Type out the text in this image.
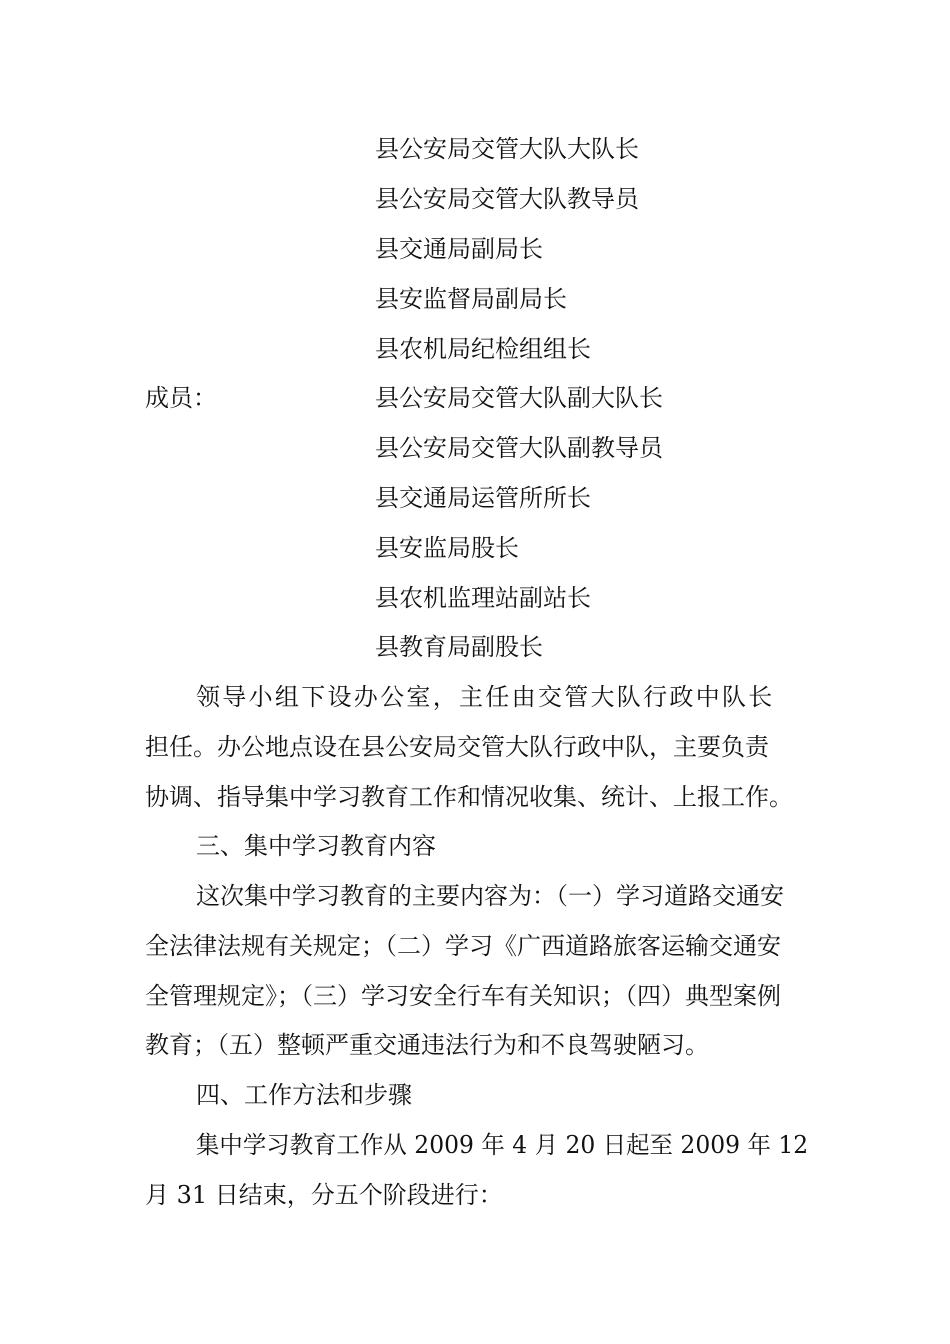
县公安局交管大队大队长
县公安局交管大队教导员
县交通局副局长
县安监督局副局长
县农机局纪检组组长
成员：	县公安局交管大队副大队长
县公安局交管大队副教导员
县交通局运管所所长
县安监局股长
县农机监理站副站长
县教育局副股长
领导小组下设办公室，主任由交管大队行政中队长
担任。办公地点设在县公安局交管大队行政中队，主要负责
协调、指导集中学习教育工作和情况收集、统计、上报工作。
三、集中学习教育内容
这次集中学习教育的主要内容为：（一）学习道路交通安
全法律法规有关规定；（二）学习《广西道路旅客运输交通安
全管理规定》；（三）学习安全行车有关知识；（四）典型案例
教育；（五）整顿严重交通违法行为和不良驾驶陋习。
四、工作方法和步骤
集中学习教育工作从 2009 年 4 月 20 日起至 2009 年 12
月 31 日结束，分五个阶段进行：
